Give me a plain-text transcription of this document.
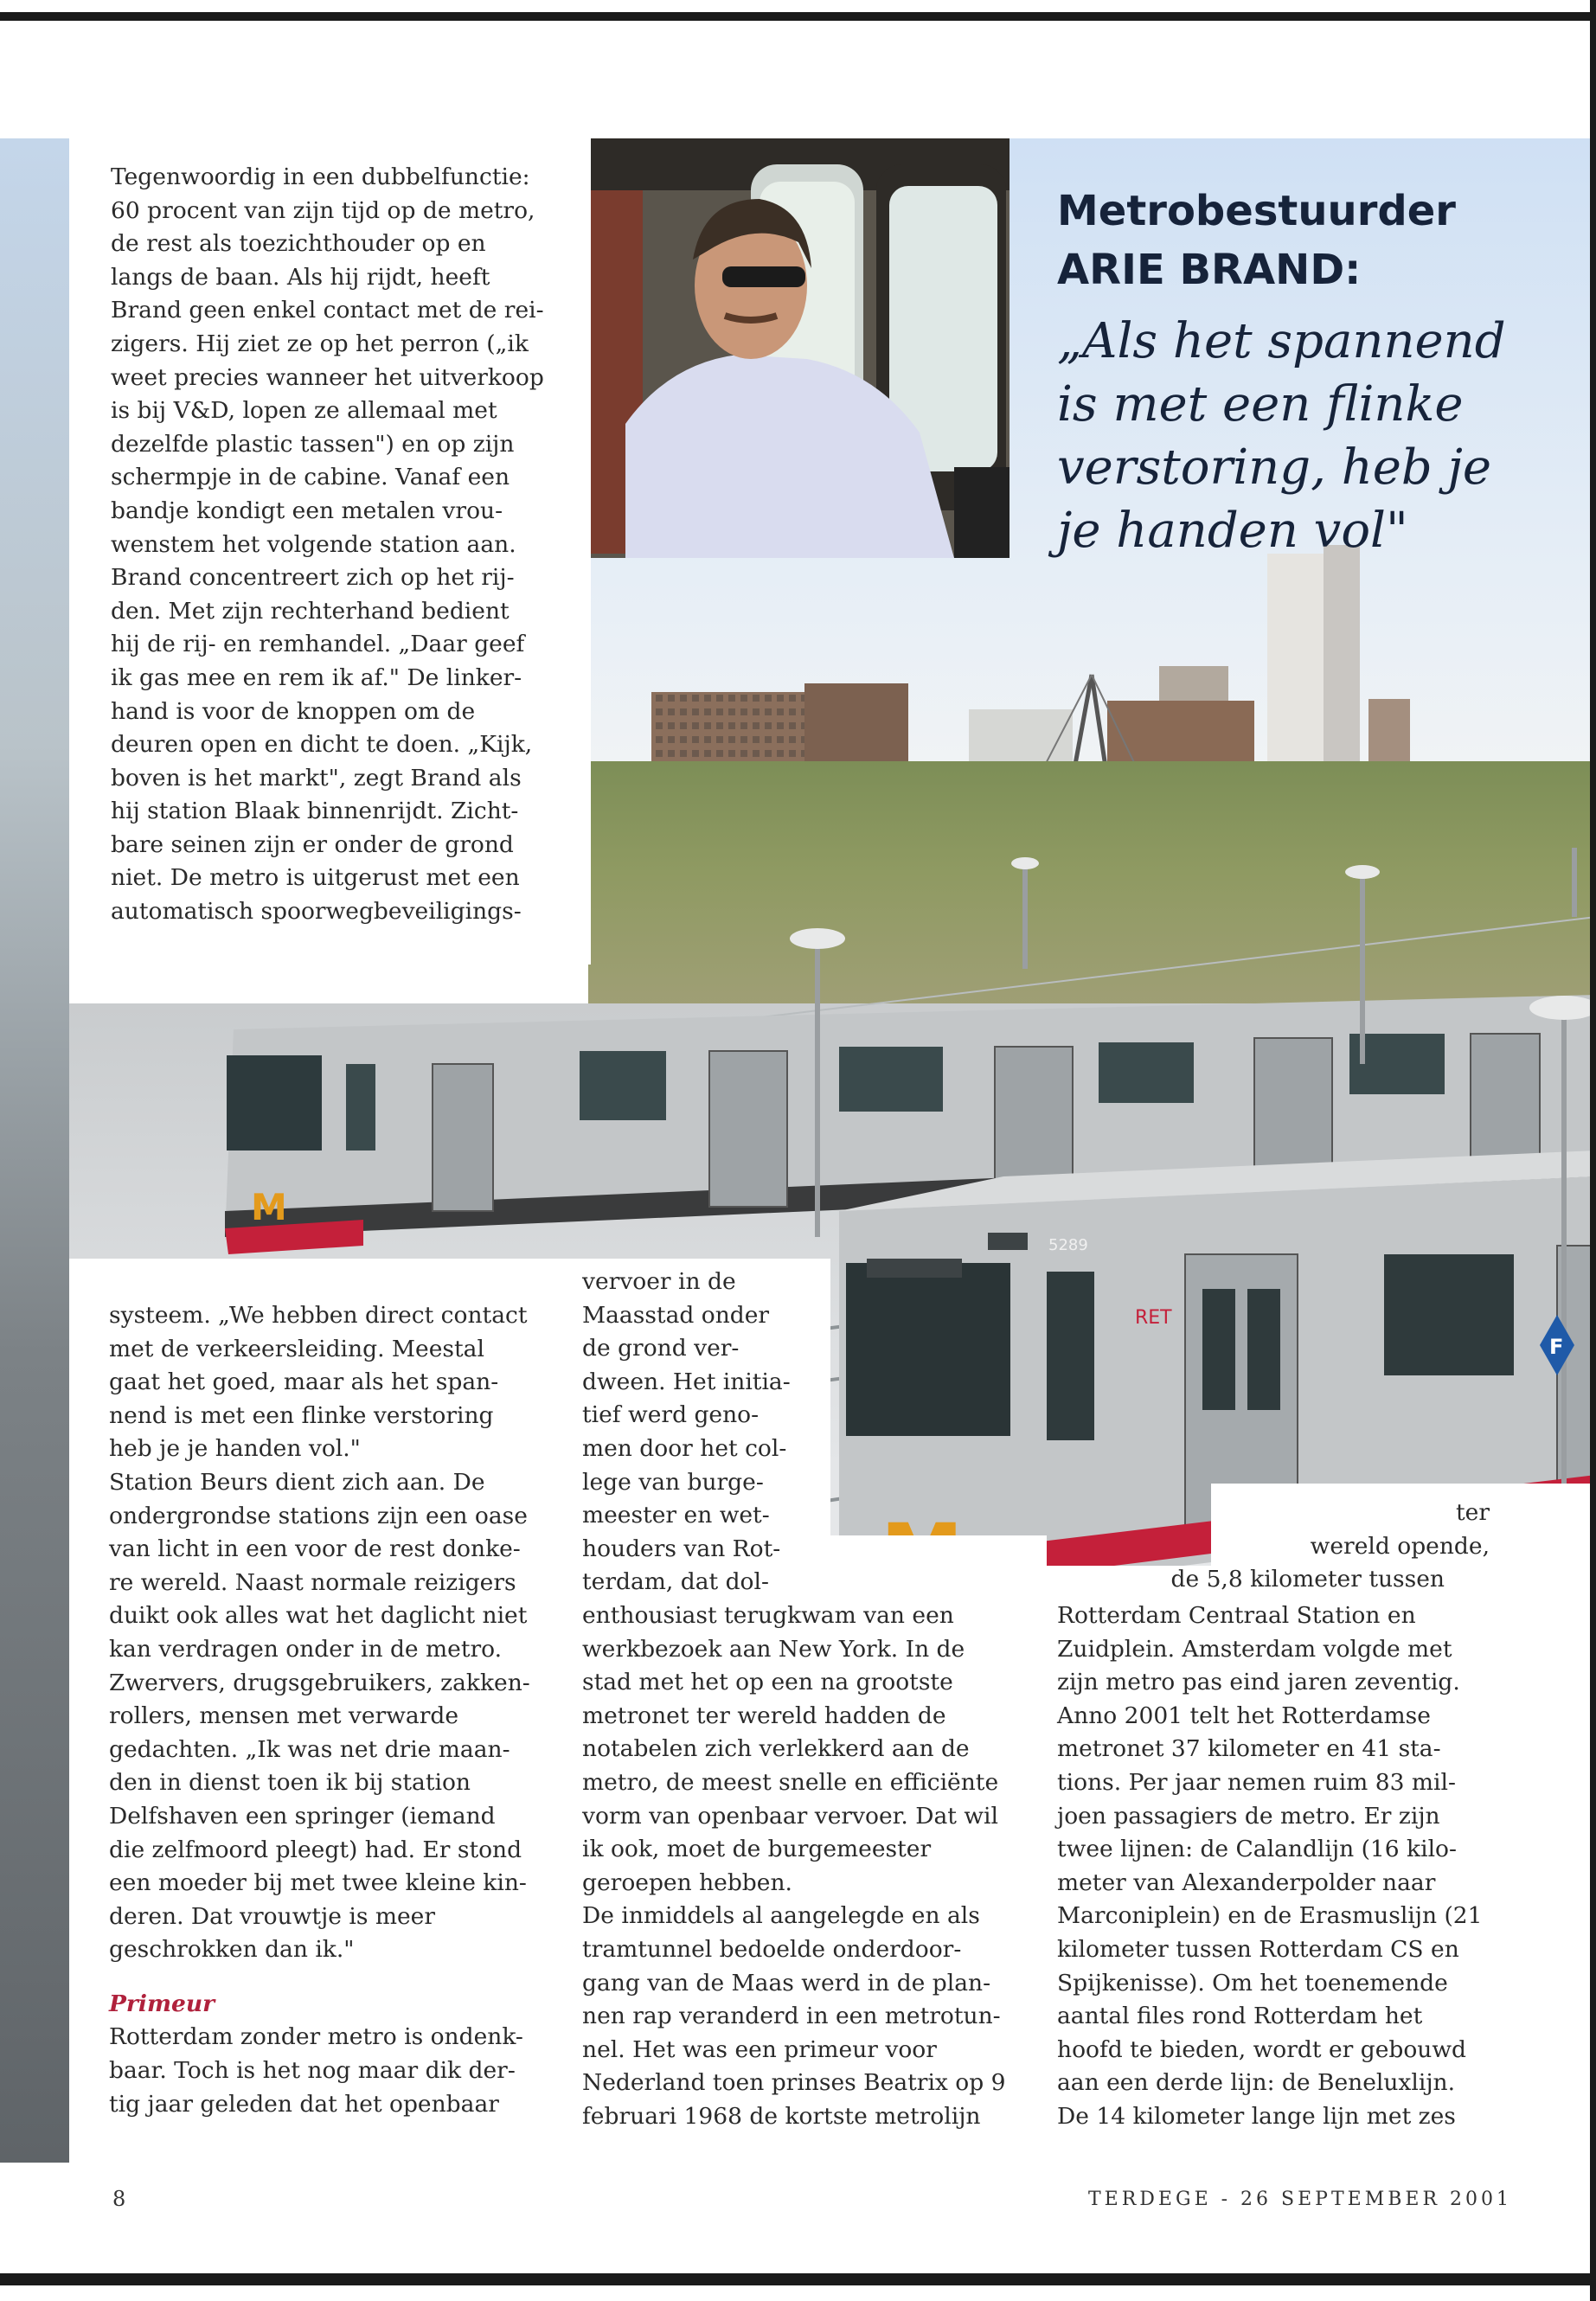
M
5289
RET
F
Metrobestuurder
ARIE BRAND:
„Als het spannend
is met een flinke
verstoring, heb je
je handen vol"

Tegenwoordig in een dubbelfunctie:

60 procent van zijn tijd op de metro,

de rest als toezichthouder op en

langs de baan. Als hij rijdt, heeft

Brand geen enkel contact met de rei-

zigers. Hij ziet ze op het perron („ik

weet precies wanneer het uitverkoop

is bij V&D, lopen ze allemaal met

dezelfde plastic tassen") en op zijn

schermpje in de cabine. Vanaf een

bandje kondigt een metalen vrou-

wenstem het volgende station aan.

Brand concentreert zich op het rij-

den. Met zijn rechterhand bedient

hij de rij- en remhandel. „Daar geef

ik gas mee en rem ik af." De linker-

hand is voor de knoppen om de

deuren open en dicht te doen. „Kijk,

boven is het markt", zegt Brand als

hij station Blaak binnenrijdt. Zicht-

bare seinen zijn er onder de grond

niet. De metro is uitgerust met een

automatisch spoorwegbeveiligings-

systeem. „We hebben direct contact

met de verkeersleiding. Meestal

gaat het goed, maar als het span-

nend is met een flinke verstoring

heb je je handen vol."

Station Beurs dient zich aan. De

ondergrondse stations zijn een oase

van licht in een voor de rest donke-

re wereld. Naast normale reizigers

duikt ook alles wat het daglicht niet

kan verdragen onder in de metro.

Zwervers, drugsgebruikers, zakken-

rollers, mensen met verwarde

gedachten. „Ik was net drie maan-

den in dienst toen ik bij station

Delfshaven een springer (iemand

die zelfmoord pleegt) had. Er stond

een moeder bij met twee kleine kin-

deren. Dat vrouwtje is meer

geschrokken dan ik."

Primeur

Rotterdam zonder metro is ondenk-

baar. Toch is het nog maar dik der-

tig jaar geleden dat het openbaar

vervoer in de

Maasstad onder

de grond ver-

dween. Het initia-

tief werd geno-

men door het col-

lege van burge-

meester en wet-

houders van Rot-

terdam, dat dol-

enthousiast terugkwam van een

werkbezoek aan New York. In de

stad met het op een na grootste

metronet ter wereld hadden de

notabelen zich verlekkerd aan de

metro, de meest snelle en efficiënte

vorm van openbaar vervoer. Dat wil

ik ook, moet de burgemeester

geroepen hebben.

De inmiddels al aangelegde en als

tramtunnel bedoelde onderdoor-

gang van de Maas werd in de plan-

nen rap veranderd in een metrotun-

nel. Het was een primeur voor

Nederland toen prinses Beatrix op 9

februari 1968 de kortste metrolijn

ter

wereld opende,

de 5,8 kilometer tussen

Rotterdam Centraal Station en

Zuidplein. Amsterdam volgde met

zijn metro pas eind jaren zeventig.

Anno 2001 telt het Rotterdamse

metronet 37 kilometer en 41 sta-

tions. Per jaar nemen ruim 83 mil-

joen passagiers de metro. Er zijn

twee lijnen: de Calandlijn (16 kilo-

meter van Alexanderpolder naar

Marconiplein) en de Erasmuslijn (21

kilometer tussen Rotterdam CS en

Spijkenisse). Om het toenemende

aantal files rond Rotterdam het

hoofd te bieden, wordt er gebouwd

aan een derde lijn: de Beneluxlijn.

De 14 kilometer lange lijn met zes

8	TERDEGE - 26 SEPTEMBER 2001
